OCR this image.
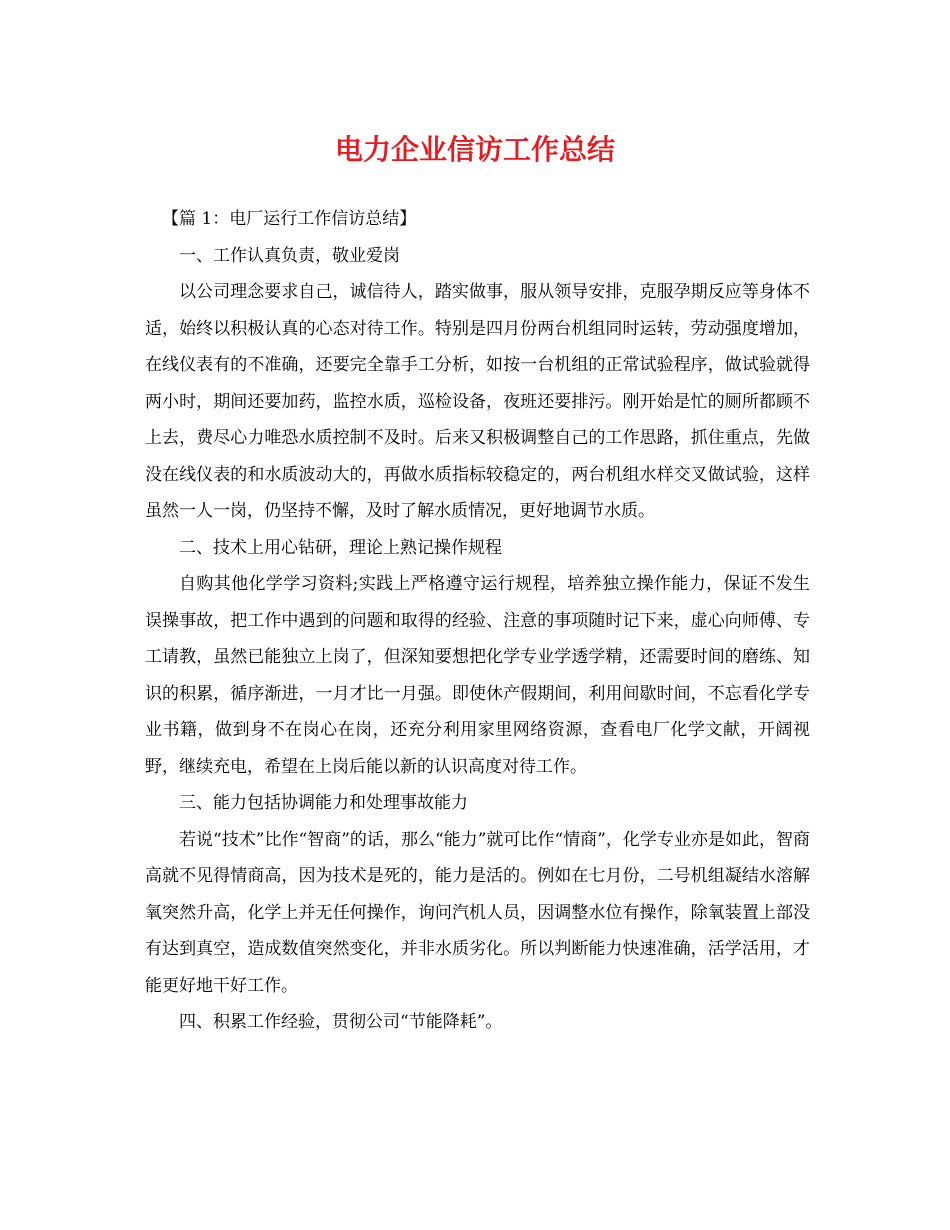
电力企业信访工作总结

【篇 1：电厂运行工作信访总结】

一、工作认真负责，敬业爱岗

以公司理念要求自己，诚信待人，踏实做事，服从领导安排，克服孕期反应等身体不适，始终以积极认真的心态对待工作。特别是四月份两台机组同时运转，劳动强度增加，在线仪表有的不准确，还要完全靠手工分析，如按一台机组的正常试验程序，做试验就得两小时，期间还要加药，监控水质，巡检设备，夜班还要排污。刚开始是忙的厕所都顾不上去，费尽心力唯恐水质控制不及时。后来又积极调整自己的工作思路，抓住重点，先做没在线仪表的和水质波动大的，再做水质指标较稳定的，两台机组水样交叉做试验，这样虽然一人一岗，仍坚持不懈，及时了解水质情况，更好地调节水质。

二、技术上用心钻研，理论上熟记操作规程

自购其他化学学习资料;实践上严格遵守运行规程，培养独立操作能力，保证不发生误操事故，把工作中遇到的问题和取得的经验、注意的事项随时记下来，虚心向师傅、专工请教，虽然已能独立上岗了，但深知要想把化学专业学透学精，还需要时间的磨练、知识的积累，循序渐进，一月才比一月强。即使休产假期间，利用间歇时间，不忘看化学专业书籍，做到身不在岗心在岗，还充分利用家里网络资源，查看电厂化学文献，开阔视野，继续充电，希望在上岗后能以新的认识高度对待工作。

三、能力包括协调能力和处理事故能力

若说“技术”比作“智商”的话，那么“能力”就可比作“情商”，化学专业亦是如此，智商高就不见得情商高，因为技术是死的，能力是活的。例如在七月份，二号机组凝结水溶解氧突然升高，化学上并无任何操作，询问汽机人员，因调整水位有操作，除氧装置上部没有达到真空，造成数值突然变化，并非水质劣化。所以判断能力快速准确，活学活用，才能更好地干好工作。

四、积累工作经验，贯彻公司“节能降耗”。
